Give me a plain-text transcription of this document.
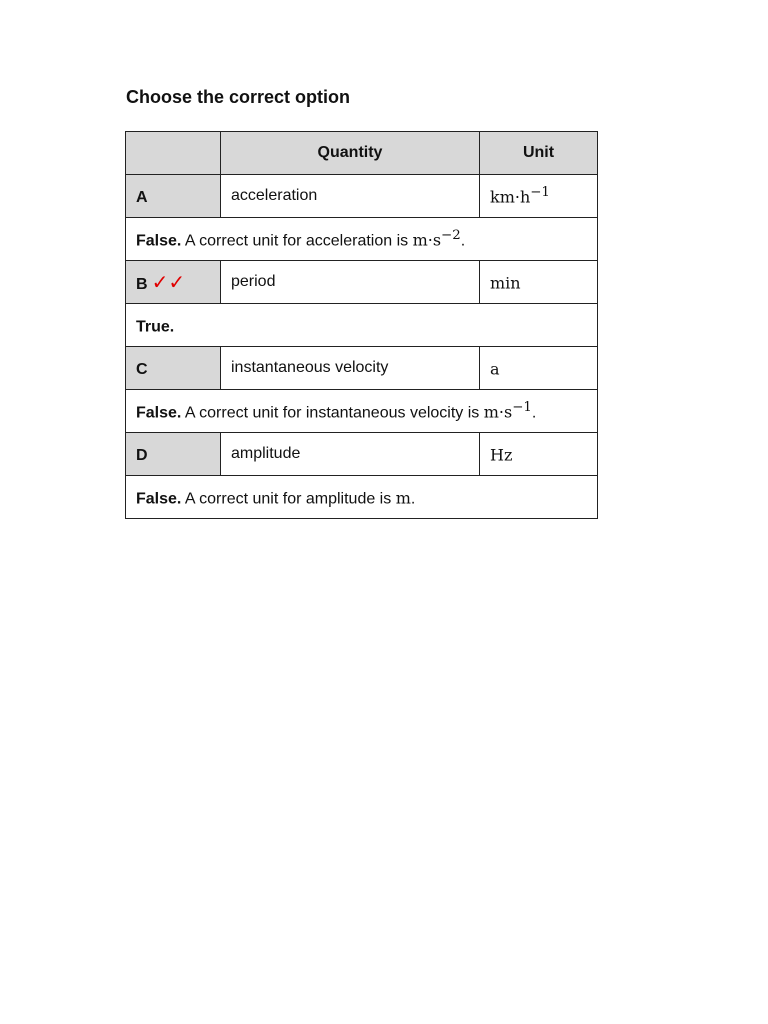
Choose the correct option
	Quantity	Unit
A	acceleration	$km\cdot h^{-1}$
False. A correct unit for acceleration is $m\cdot s^{-2}$.		
B ✓✓	period	min
True.		
C	instantaneous velocity	a
False. A correct unit for instantaneous velocity is $m\cdot s^{-1}$.		
D	amplitude	Hz
False. A correct unit for amplitude is m.		
